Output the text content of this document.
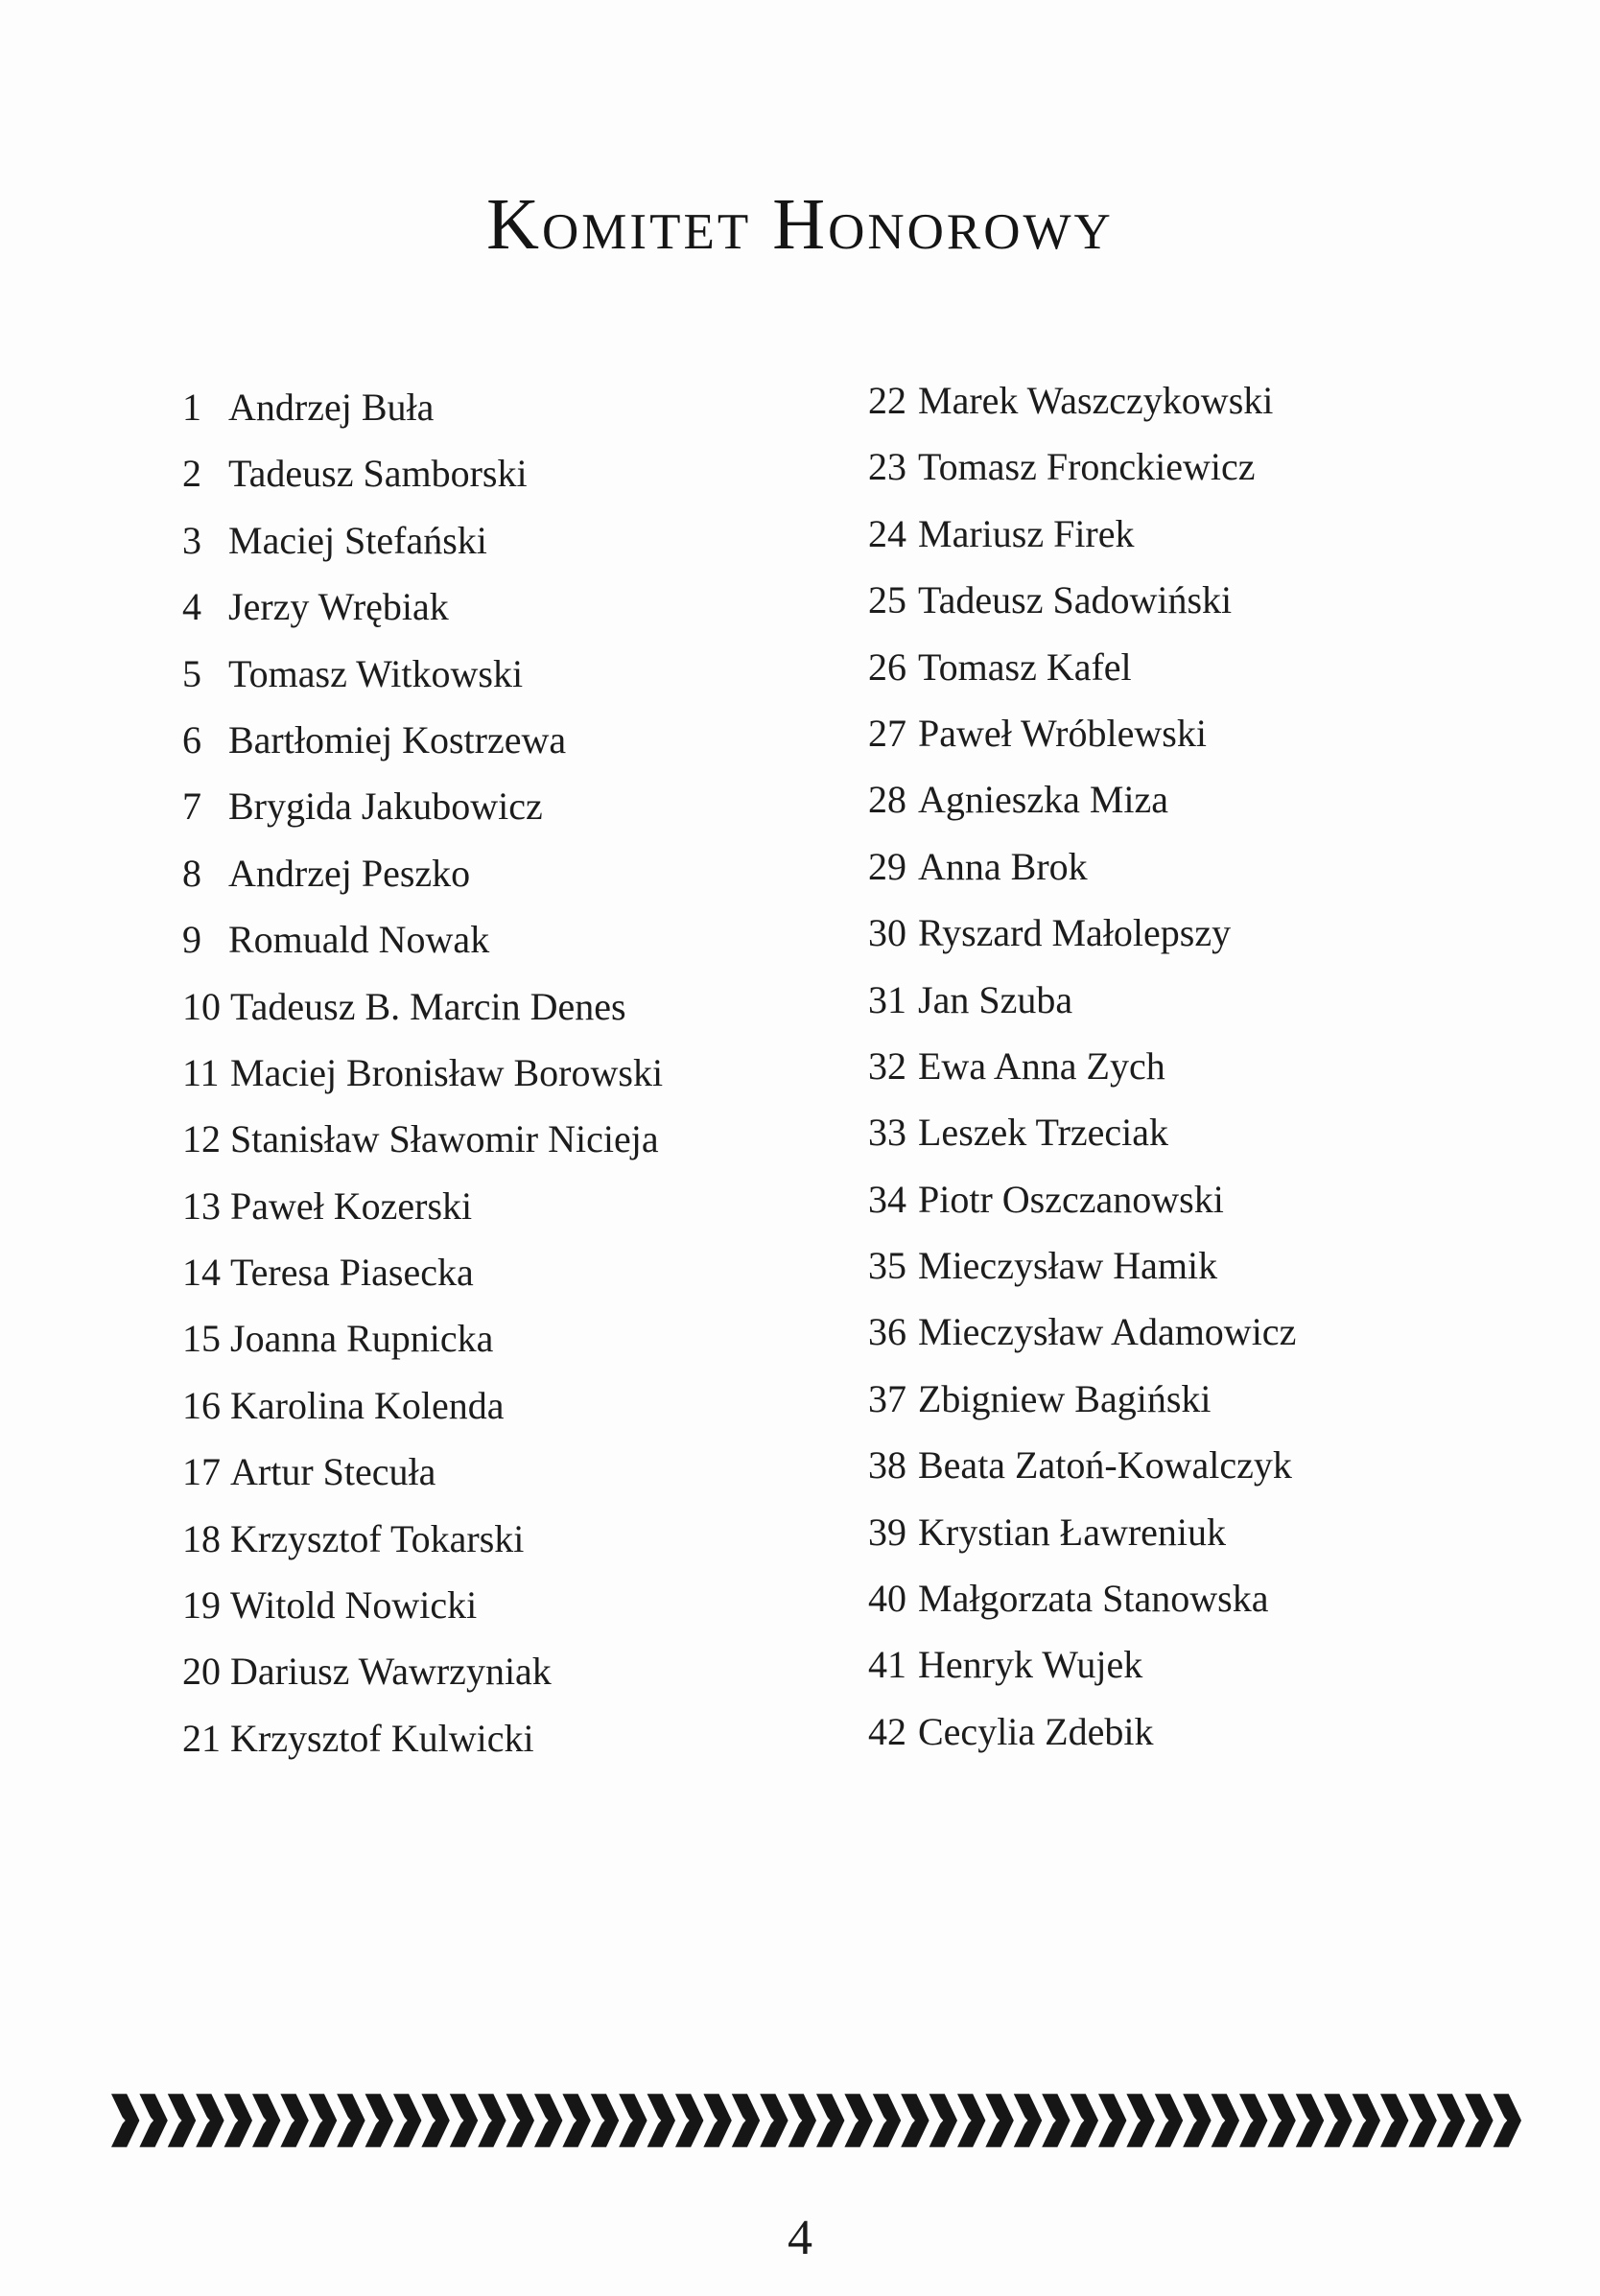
Komitet Honorowy
1 Andrzej Buła
2 Tadeusz Samborski
3 Maciej Stefański
4 Jerzy Wrębiak
5 Tomasz Witkowski
6 Bartłomiej Kostrzewa
7 Brygida Jakubowicz
8 Andrzej Peszko
9 Romuald Nowak
10 Tadeusz B. Marcin Denes
11 Maciej Bronisław Borowski
12 Stanisław Sławomir Nicieja
13 Paweł Kozerski
14 Teresa Piasecka
15 Joanna Rupnicka
16 Karolina Kolenda
17 Artur Stecuła
18 Krzysztof Tokarski
19 Witold Nowicki
20 Dariusz Wawrzyniak
21 Krzysztof Kulwicki
22 Marek Waszczykowski
23 Tomasz Fronckiewicz
24 Mariusz Firek
25 Tadeusz Sadowiński
26 Tomasz Kafel
27 Paweł Wróblewski
28 Agnieszka Miza
29 Anna Brok
30 Ryszard Małolepszy
31 Jan Szuba
32 Ewa Anna Zych
33 Leszek Trzeciak
34 Piotr Oszczanowski
35 Mieczysław Hamik
36 Mieczysław Adamowicz
37 Zbigniew Bagiński
38 Beata Zatoń-Kowalczyk
39 Krystian Ławreniuk
40 Małgorzata Stanowska
41 Henryk Wujek
42 Cecylia Zdebik
4
